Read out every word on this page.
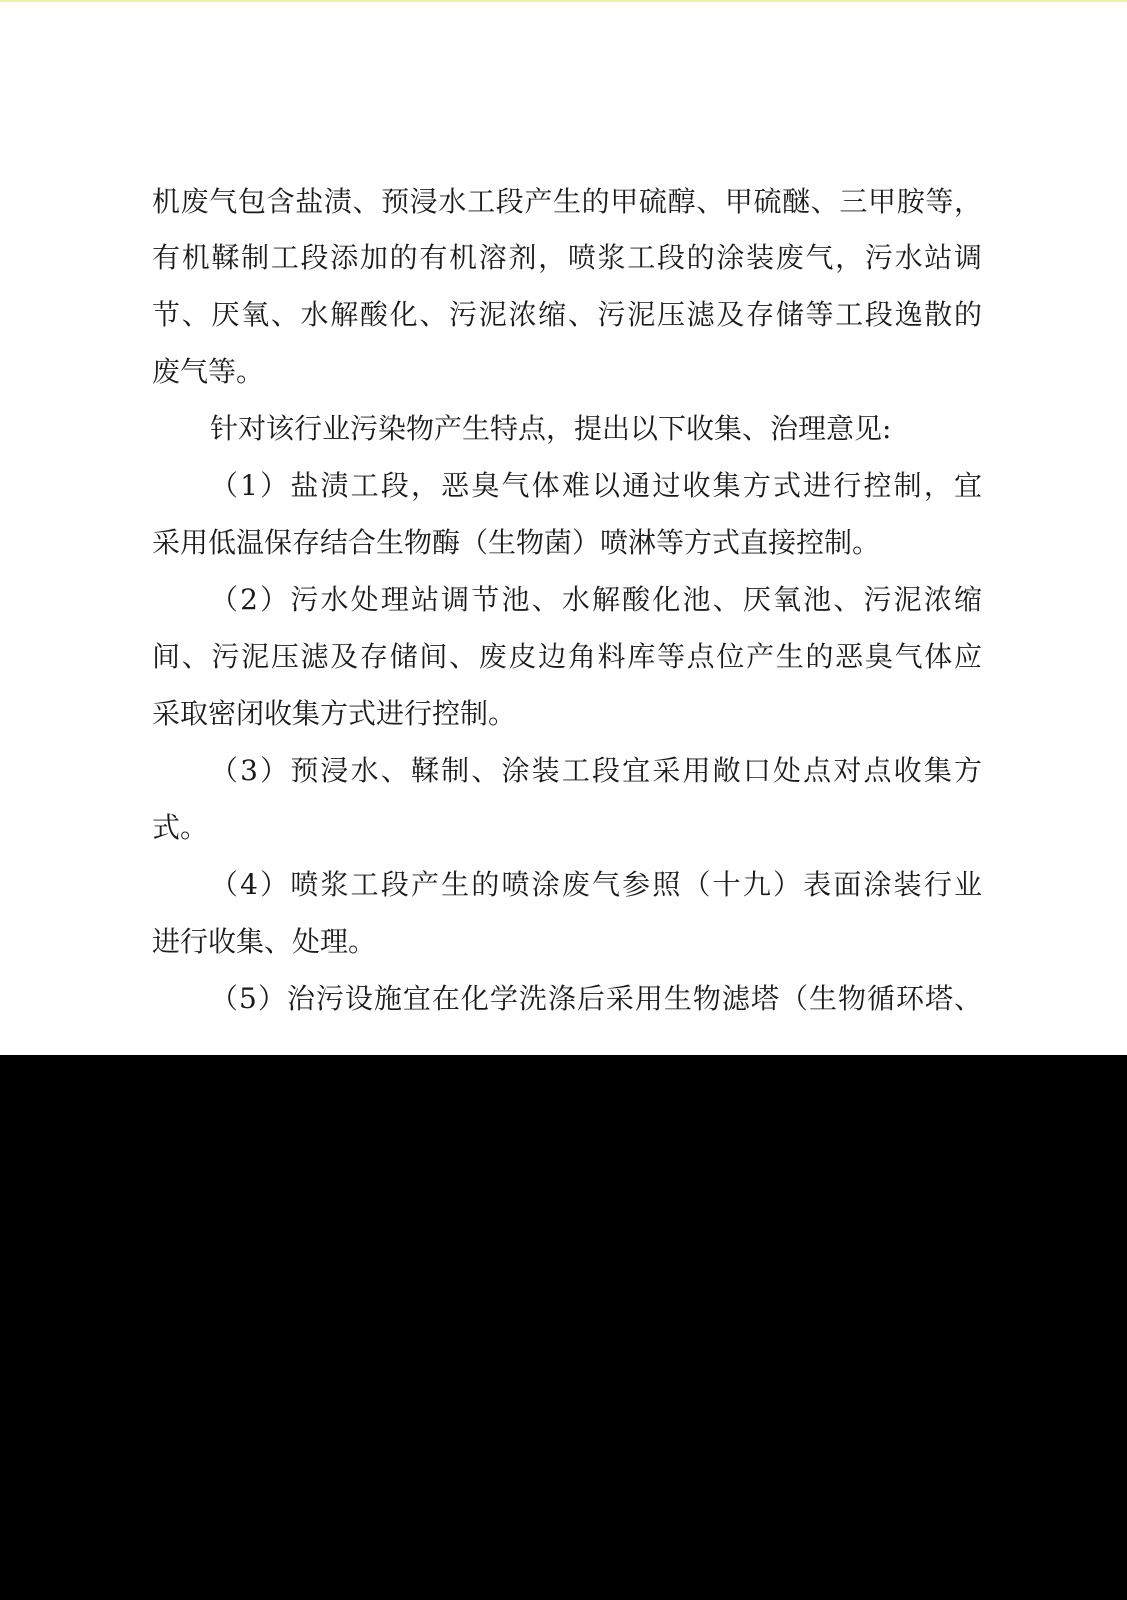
机废气包含盐渍、预浸水工段产生的甲硫醇、甲硫醚、三甲胺等，

有机鞣制工段添加的有机溶剂，喷浆工段的涂装废气，污水站调

节、厌氧、水解酸化、污泥浓缩、污泥压滤及存储等工段逸散的

废气等。

针对该行业污染物产生特点，提出以下收集、治理意见:

（1）盐渍工段，恶臭气体难以通过收集方式进行控制，宜

采用低温保存结合生物酶（生物菌）喷淋等方式直接控制。

（2）污水处理站调节池、水解酸化池、厌氧池、污泥浓缩

间、污泥压滤及存储间、废皮边角料库等点位产生的恶臭气体应

采取密闭收集方式进行控制。

（3）预浸水、鞣制、涂装工段宜采用敞口处点对点收集方

式。

（4）喷浆工段产生的喷涂废气参照（十九）表面涂装行业

进行收集、处理。

（5）治污设施宜在化学洗涤后采用生物滤塔（生物循环塔、
